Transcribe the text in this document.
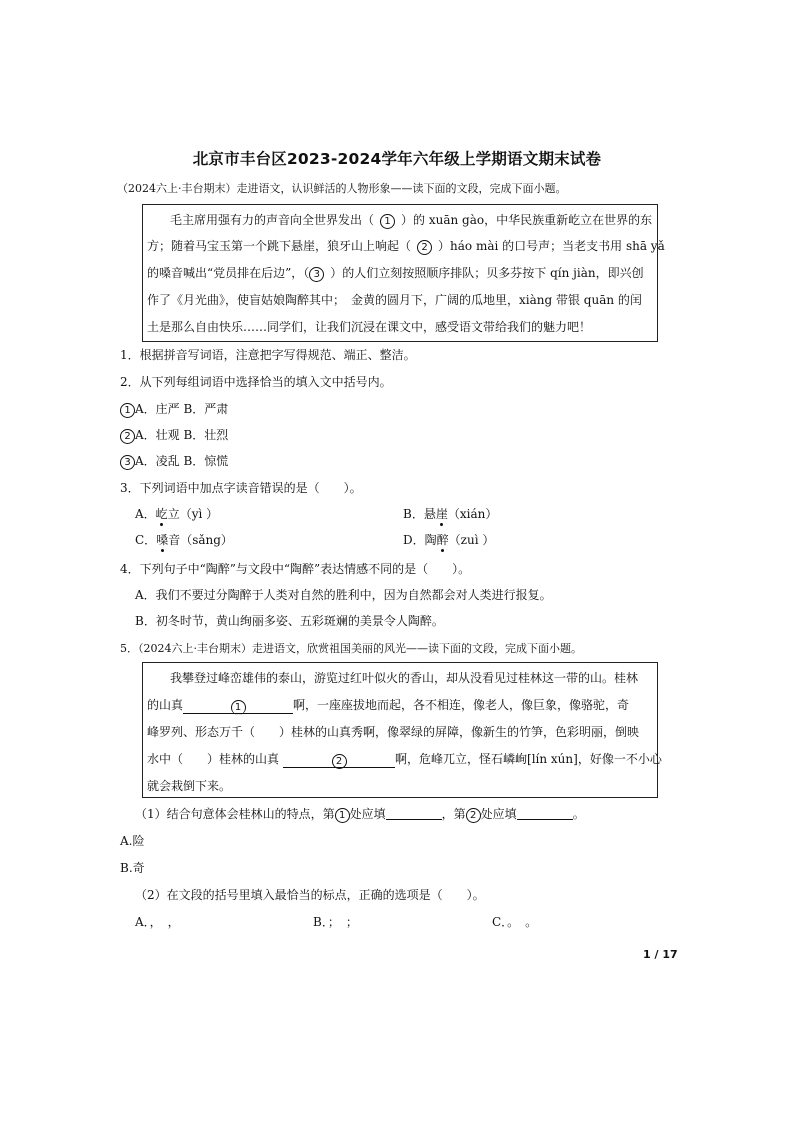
北京市丰台区2023-2024学年六年级上学期语文期末试卷
（2024六上·丰台期末）走进语文，认识鲜活的人物形象——读下面的文段，完成下面小题。
毛主席用强有力的声音向全世界发出（ 1 ）的 xuān gào，中华民族重新屹立在世界的东
方；随着马宝玉第一个跳下悬崖，狼牙山上响起（ 2 ）háo mài 的口号声；当老支书用 shā yǎ
的嗓音喊出“党员排在后边”，（ 3 ）的人们立刻按照顺序排队；贝多芬按下 qín jiàn，即兴创
作了《月光曲》，使盲姑娘陶醉其中；　金黄的圆月下，广阔的瓜地里，xiàng 带银 quān 的闰
土是那么自由快乐……同学们，让我们沉浸在课文中，感受语文带给我们的魅力吧！
1．根据拼音写词语，注意把字写得规范、端正、整洁。
2．从下列每组词语中选择恰当的填入文中括号内。
1 A．庄严 B．严肃
2 A．壮观 B．壮烈
3 A．凌乱 B．惊慌
3．下列词语中加点字读音错误的是（　　）。
A．屹立（yì ）	B．悬崖（xián）
C．嗓音（sǎng）	D．陶醉（zuì ）
4．下列句子中“陶醉”与文段中“陶醉”表达情感不同的是（　　）。
A．我们不要过分陶醉于人类对自然的胜利中，因为自然都会对人类进行报复。
B．初冬时节，黄山绚丽多姿、五彩斑斓的美景令人陶醉。
5．（2024六上·丰台期末）走进语文，欣赏祖国美丽的风光——读下面的文段，完成下面小题。
我攀登过峰峦雄伟的泰山，游览过红叶似火的香山，却从没看见过桂林这一带的山。桂林
的山真	1	啊，一座座拔地而起，各不相连，像老人，像巨象，像骆驼，奇
峰罗列、形态万千（　　）桂林的山真秀啊，像翠绿的屏障，像新生的竹笋，色彩明丽，倒映
水中（　　）桂林的山真	2	啊，危峰兀立，怪石嶙峋[lín xún]，好像一不小心
就会栽倒下来。
（1）结合句意体会桂林山的特点，第 1 处应填	，第 2 处应填	。
A.险
B.奇
（2）在文段的括号里填入最恰当的标点，正确的选项是（　　）。
A．，　，	B．；　；	C．。　。
1 / 17
